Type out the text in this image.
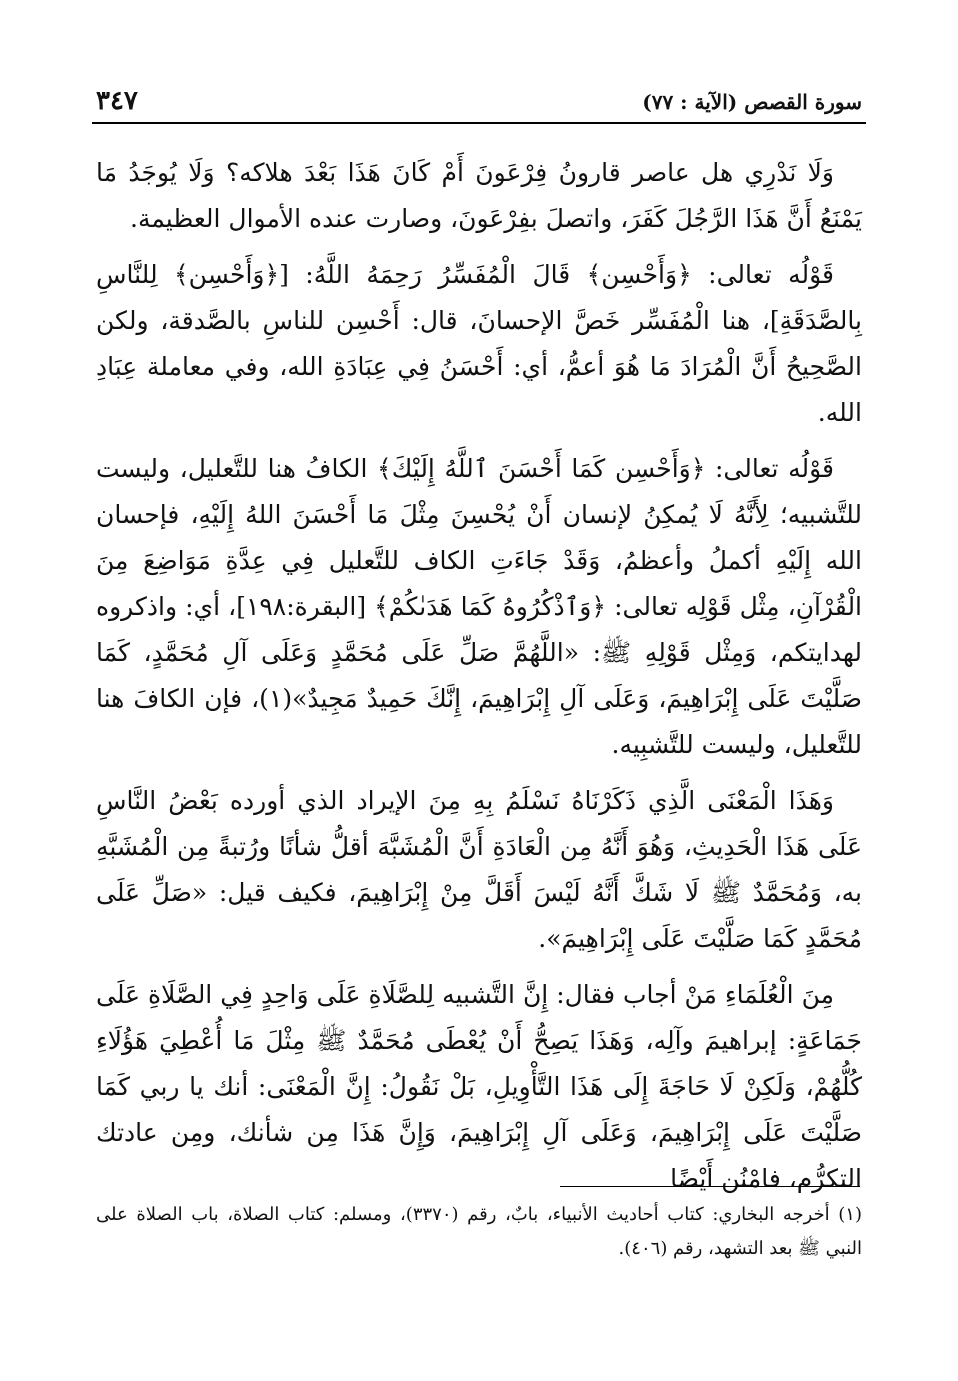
٣٤٧	سورة القصص (الآية : ٧٧)

وَلَا نَدْرِي هل عاصر قارونُ فِرْعَونَ أَمْ كَانَ هَذَا بَعْدَ هلاكه؟ وَلَا يُوجَدُ مَا يَمْنَعُ أَنَّ هَذَا الرَّجُلَ كَفَرَ، واتصلَ بفِرْعَونَ، وصارت عنده الأموال العظيمة.

قَوْلُه تعالى: ﴿وَأَحْسِن﴾ قَالَ الْمُفَسِّرُ رَحِمَهُ اللَّهُ: [﴿وَأَحْسِن﴾ لِلنَّاسِ بِالصَّدَقَةِ]، هنا الْمُفَسِّر خَصَّ الإحسانَ، قال: أَحْسِن للناسِ بالصَّدقة، ولكن الصَّحِيحُ أَنَّ الْمُرَادَ مَا هُوَ أعمُّ، أي: أَحْسَنُ فِي عِبَادَةِ الله، وفي معاملة عِبَادِ الله.

قَوْلُه تعالى: ﴿وَأَحْسِن كَمَا أَحْسَنَ ٱللَّهُ إِلَيْكَ﴾ الكافُ هنا للتَّعليل، وليست للتَّشبيه؛ لِأَنَّهُ لَا يُمكِنُ لإنسان أَنْ يُحْسِنَ مِثْلَ مَا أَحْسَنَ اللهُ إِلَيْهِ، فإحسان الله إِلَيْهِ أكملُ وأعظمُ، وَقَدْ جَاءَتِ الكاف للتَّعليل فِي عِدَّةِ مَوَاضِعَ مِنَ الْقُرْآنِ، مِثْل قَوْلِه تعالى: ﴿وَٱذْكُرُوهُ كَمَا هَدَىٰكُمْ﴾ [البقرة:١٩٨]، أي: واذكروه لهدايتكم، وَمِثْل قَوْلِهِ ﷺ: «اللَّهُمَّ صَلِّ عَلَى مُحَمَّدٍ وَعَلَى آلِ مُحَمَّدٍ، كَمَا صَلَّيْتَ عَلَى إِبْرَاهِيمَ، وَعَلَى آلِ إِبْرَاهِيمَ، إِنَّكَ حَمِيدٌ مَجِيدٌ»(١)، فإن الكافَ هنا للتَّعليل، وليست للتَّشبِيه.

وَهَذَا الْمَعْنَى الَّذِي ذَكَرْنَاهُ نَسْلَمُ بِهِ مِنَ الإيراد الذي أورده بَعْضُ النَّاسِ عَلَى هَذَا الْحَدِيثِ، وَهُوَ أَنَّهُ مِن الْعَادَةِ أَنَّ الْمُشَبَّهَ أقلُّ شأنًا ورُتبةً مِن الْمُشَبَّهِ به، وَمُحَمَّدٌ ﷺ لَا شَكَّ أَنَّهُ لَيْسَ أَقَلَّ مِنْ إِبْرَاهِيمَ، فكيف قيل: «صَلِّ عَلَى مُحَمَّدٍ كَمَا صَلَّيْتَ عَلَى إِبْرَاهِيمَ».

مِنَ الْعُلَمَاءِ مَنْ أجاب فقال: إِنَّ التَّشبيه لِلصَّلَاةِ عَلَى وَاحِدٍ فِي الصَّلَاةِ عَلَى جَمَاعَةٍ: إبراهيمَ وآلِه، وَهَذَا يَصِحُّ أَنْ يُعْطَى مُحَمَّدٌ ﷺ مِثْلَ مَا أُعْطِيَ هَؤُلَاءِ كُلُّهُمْ، وَلَكِنْ لَا حَاجَةَ إِلَى هَذَا التَّأْوِيلِ، بَلْ نَقُولُ: إِنَّ الْمَعْنَى: أنك يا ربي كَمَا صَلَّيْتَ عَلَى إِبْرَاهِيمَ، وَعَلَى آلِ إِبْرَاهِيمَ، وَإِنَّ هَذَا مِن شأنك، ومِن عادتك التكرُّم، فامْنُن أَيْضًا

(١) أخرجه البخاري: كتاب أحاديث الأنبياء، بابٌ، رقم (٣٣٧٠)، ومسلم: كتاب الصلاة، باب الصلاة على النبي ﷺ بعد التشهد، رقم (٤٠٦).
